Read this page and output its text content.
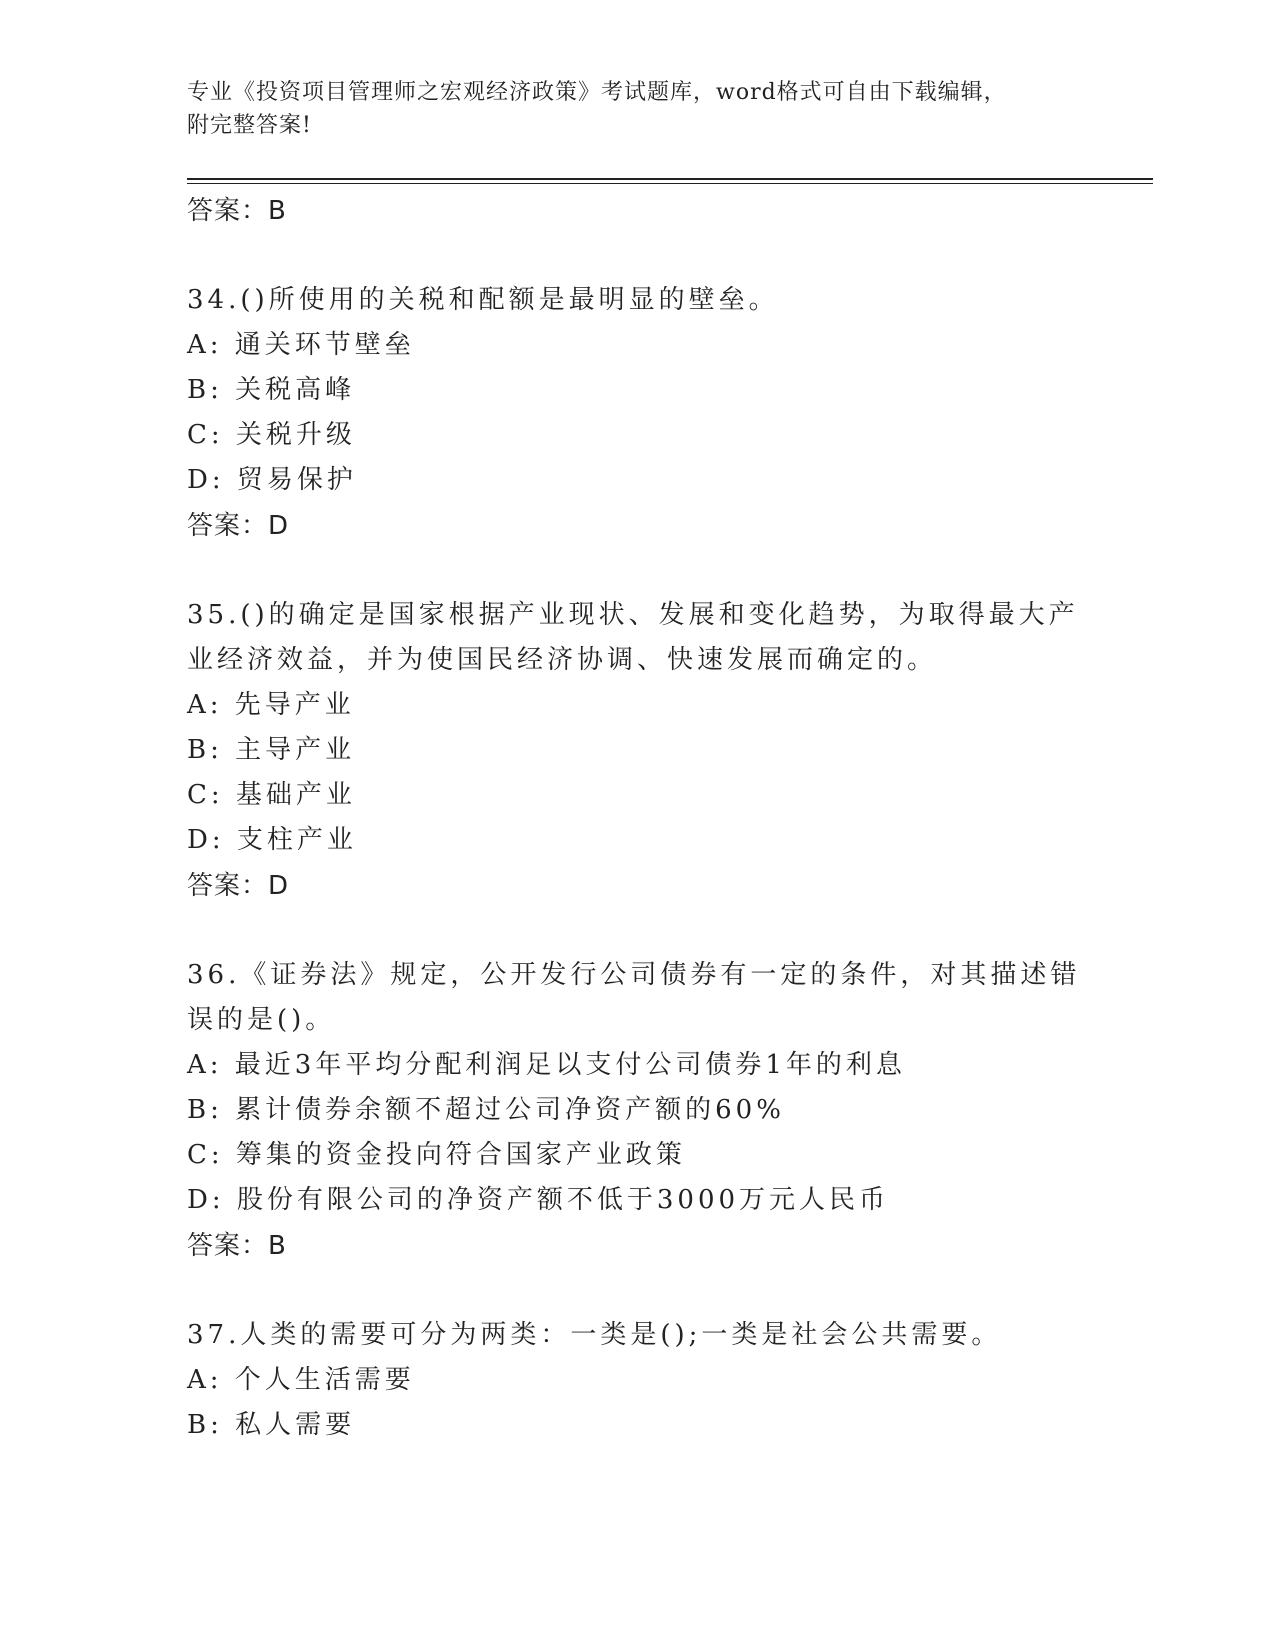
专业《投资项目管理师之宏观经济政策》考试题库，word格式可自由下载编辑，
附完整答案!
答案：B
34.()所使用的关税和配额是最明显的壁垒。
A: 通关环节壁垒
B: 关税高峰
C: 关税升级
D: 贸易保护
答案：D
35.()的确定是国家根据产业现状、发展和变化趋势，为取得最大产业经济效益，并为使国民经济协调、快速发展而确定的。
A: 先导产业
B: 主导产业
C: 基础产业
D: 支柱产业
答案：D
36.《证券法》规定，公开发行公司债券有一定的条件，对其描述错误的是()。
A: 最近3年平均分配利润足以支付公司债券1年的利息
B: 累计债券余额不超过公司净资产额的60%
C: 筹集的资金投向符合国家产业政策
D: 股份有限公司的净资产额不低于3000万元人民币
答案：B
37.人类的需要可分为两类：一类是();一类是社会公共需要。
A: 个人生活需要
B: 私人需要
